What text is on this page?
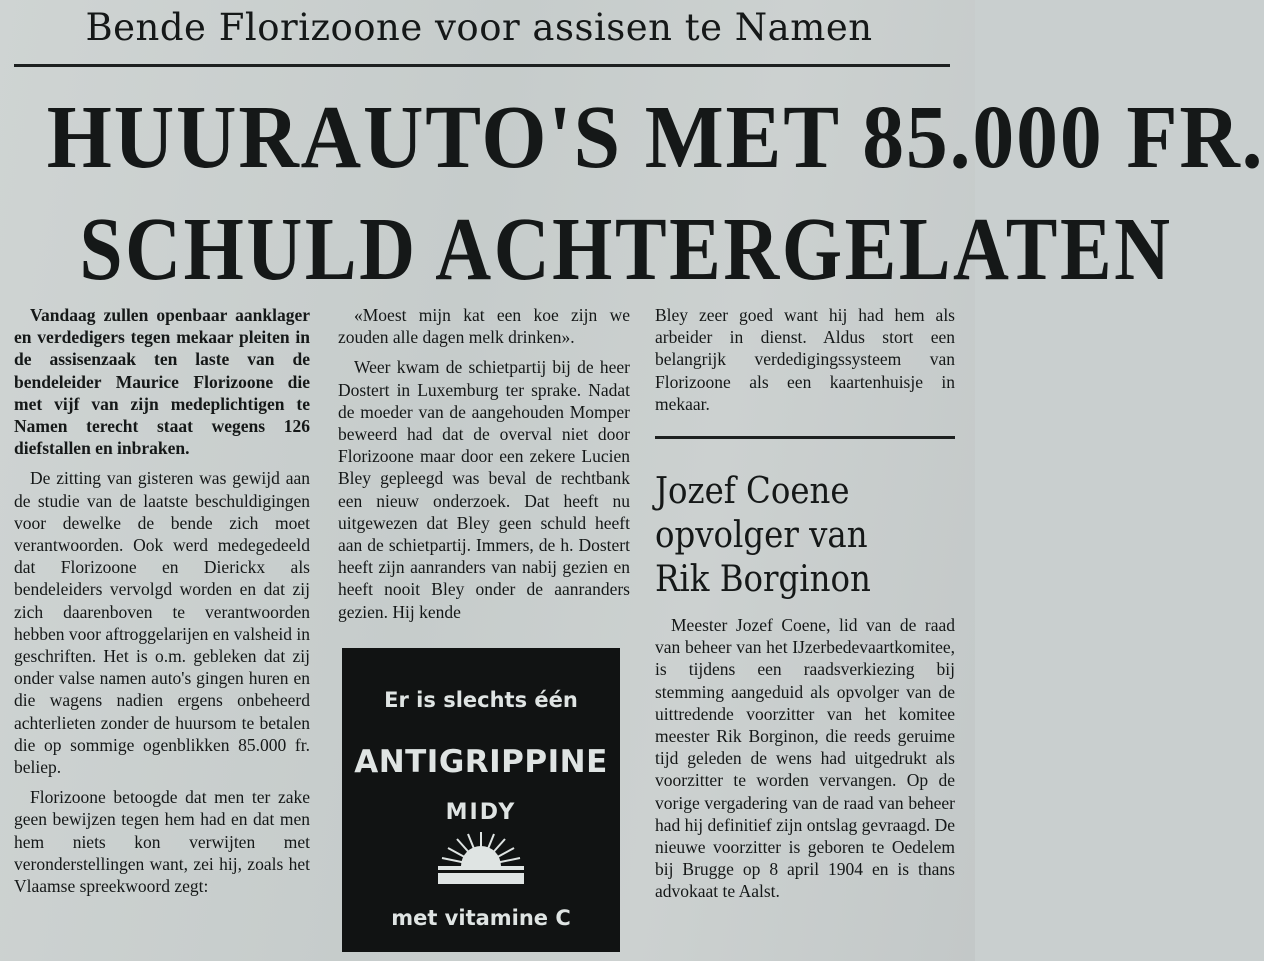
Bende Florizoone voor assisen te Namen
HUURAUTO'S MET 85.000 FR.
SCHULD ACHTERGELATEN

Vandaag zullen openbaar aanklager en verdedigers tegen mekaar pleiten in de assisenzaak ten laste van de bendeleider Maurice Florizoone die met vijf van zijn medeplichtigen te Namen terecht staat wegens 126 diefstallen en inbraken.

De zitting van gisteren was gewijd aan de studie van de laatste beschuldigingen voor dewelke de bende zich moet verantwoorden. Ook werd medegedeeld dat Florizoone en Dierickx als bendeleiders vervolgd worden en dat zij zich daarenboven te verantwoorden hebben voor aftroggelarijen en valsheid in geschriften. Het is o.m. gebleken dat zij onder valse namen auto's gingen huren en die wagens nadien ergens onbeheerd achterlieten zonder de huursom te betalen die op sommige ogenblikken 85.000 fr. beliep.

Florizoone betoogde dat men ter zake geen bewijzen tegen hem had en dat men hem niets kon verwijten met veronderstellingen want, zei hij, zoals het Vlaamse spreekwoord zegt:

«Moest mijn kat een koe zijn we zouden alle dagen melk drinken».

Weer kwam de schietpartij bij de heer Dostert in Luxemburg ter sprake. Nadat de moeder van de aangehouden Momper beweerd had dat de overval niet door Florizoone maar door een zekere Lucien Bley gepleegd was beval de rechtbank een nieuw onderzoek. Dat heeft nu uitgewezen dat Bley geen schuld heeft aan de schietpartij. Immers, de h. Dostert heeft zijn aanranders van nabij gezien en heeft nooit Bley onder de aanranders gezien. Hij kende

Bley zeer goed want hij had hem als arbeider in dienst. Aldus stort een belangrijk verdedigingssysteem van Florizoone als een kaartenhuisje in mekaar.

Jozef Coene
opvolger van
Rik Borginon

Meester Jozef Coene, lid van de raad van beheer van het IJzerbedevaartkomitee, is tijdens een raadsverkiezing bij stemming aangeduid als opvolger van de uittredende voorzitter van het komitee meester Rik Borginon, die reeds geruime tijd geleden de wens had uitgedrukt als voorzitter te worden vervangen. Op de vorige vergadering van de raad van beheer had hij definitief zijn ontslag gevraagd. De nieuwe voorzitter is geboren te Oedelem bij Brugge op 8 april 1904 en is thans advokaat te Aalst.

Er is slechts één
ANTIGRIPPINE
MIDY
met vitamine C
